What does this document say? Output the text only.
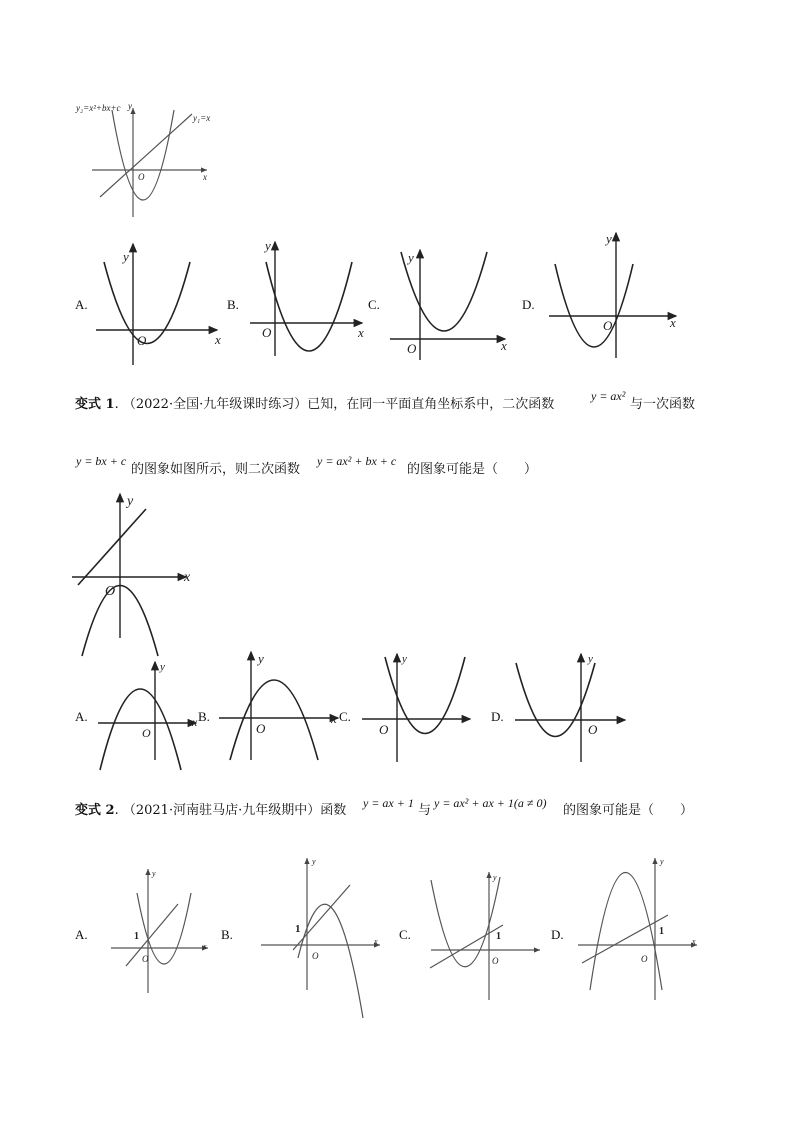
y₂=x²+bx+c y
y₁=x
O	x
y
O	x
y
O	x
y
O	x
y
O	x
y
O
x
y
O
x
y
O
x
y
O
y
O
y
1
O
x
y
1
O
x
y
1
O
y
1
O
x
A.	B.	C.	D.
变式 1. （2022·全国·九年级课时练习）已知，在同一平面直角坐标系中，二次函数
y = ax²
与一次函数
y = bx + c
的图象如图所示，则二次函数
y = ax² + bx + c
的图象可能是（　　）
A.	B.	C.	D.
变式 2. （2021·河南驻马店·九年级期中）函数 y = ax + 1 与 y = ax² + ax + 1(a ≠ 0) 的图象可能是（　　）
A.	B.	C.	D.
